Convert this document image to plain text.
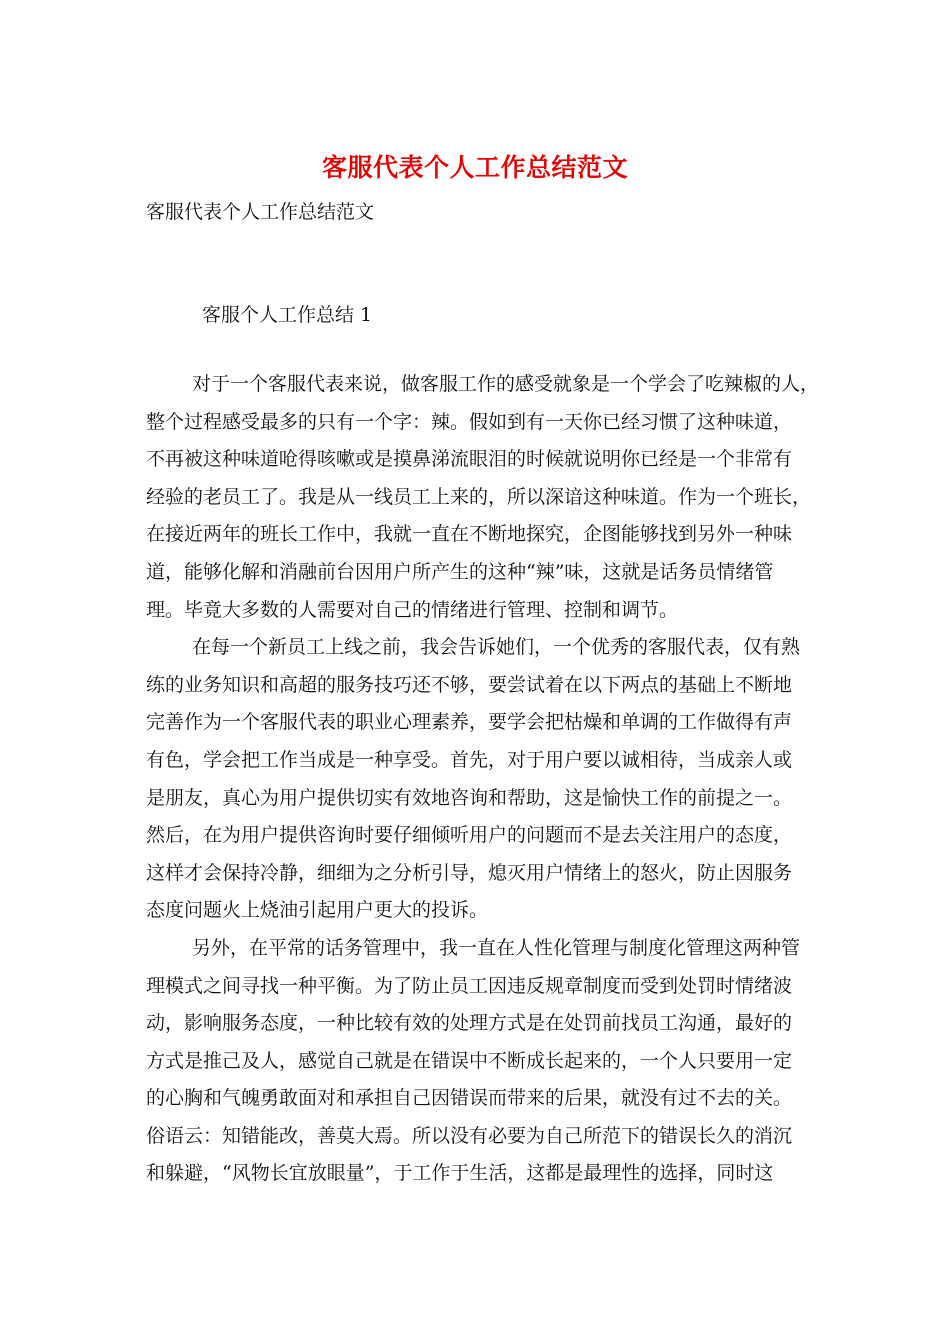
客服代表个人工作总结范文
客服代表个人工作总结范文
客服个人工作总结 1
对于一个客服代表来说，做客服工作的感受就象是一个学会了吃辣椒的人，
整个过程感受最多的只有一个字：辣。假如到有一天你已经习惯了这种味道，
不再被这种味道呛得咳嗽或是摸鼻涕流眼泪的时候就说明你已经是一个非常有
经验的老员工了。我是从一线员工上来的，所以深谙这种味道。作为一个班长，
在接近两年的班长工作中，我就一直在不断地探究，企图能够找到另外一种味
道，能够化解和消融前台因用户所产生的这种“辣”味，这就是话务员情绪管
理。毕竟大多数的人需要对自己的情绪进行管理、控制和调节。
在每一个新员工上线之前，我会告诉她们，一个优秀的客服代表，仅有熟
练的业务知识和高超的服务技巧还不够，要尝试着在以下两点的基础上不断地
完善作为一个客服代表的职业心理素养，要学会把枯燥和单调的工作做得有声
有色，学会把工作当成是一种享受。首先，对于用户要以诚相待，当成亲人或
是朋友，真心为用户提供切实有效地咨询和帮助，这是愉快工作的前提之一。
然后，在为用户提供咨询时要仔细倾听用户的问题而不是去关注用户的态度，
这样才会保持冷静，细细为之分析引导，熄灭用户情绪上的怒火，防止因服务
态度问题火上烧油引起用户更大的投诉。
另外，在平常的话务管理中，我一直在人性化管理与制度化管理这两种管
理模式之间寻找一种平衡。为了防止员工因违反规章制度而受到处罚时情绪波
动，影响服务态度，一种比较有效的处理方式是在处罚前找员工沟通，最好的
方式是推己及人，感觉自己就是在错误中不断成长起来的，一个人只要用一定
的心胸和气魄勇敢面对和承担自己因错误而带来的后果，就没有过不去的关。
俗语云：知错能改，善莫大焉。所以没有必要为自己所范下的错误长久的消沉
和躲避，“风物长宜放眼量”，于工作于生活，这都是最理性的选择，同时这
